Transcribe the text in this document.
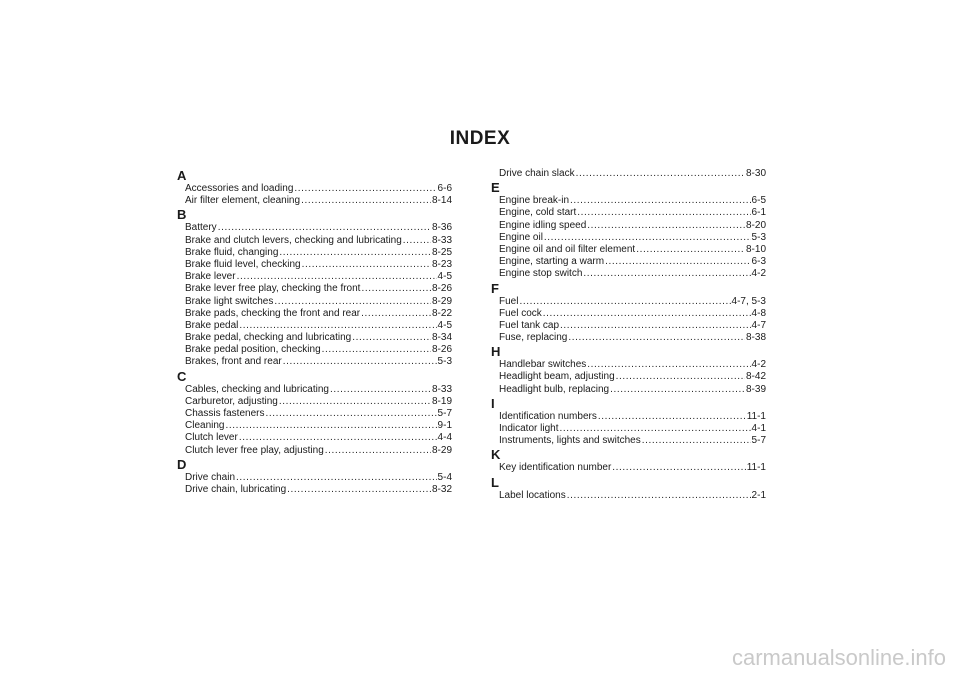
INDEX
A
Accessories and loading .....	6-6
Air filter element, cleaning .....	8-14
B
Battery .....	8-36
Brake and clutch levers, checking and lubricating .....	8-33
Brake fluid, changing .....	8-25
Brake fluid level, checking .....	8-23
Brake lever .....	4-5
Brake lever free play, checking the front .....	8-26
Brake light switches .....	8-29
Brake pads, checking the front and rear .....	8-22
Brake pedal .....	4-5
Brake pedal, checking and lubricating .....	8-34
Brake pedal position, checking .....	8-26
Brakes, front and rear .....	5-3
C
Cables, checking and lubricating .....	8-33
Carburetor, adjusting .....	8-19
Chassis fasteners .....	5-7
Cleaning .....	9-1
Clutch lever .....	4-4
Clutch lever free play, adjusting .....	8-29
D
Drive chain .....	5-4
Drive chain, lubricating .....	8-32
Drive chain slack .....	8-30
E
Engine break-in .....	6-5
Engine, cold start .....	6-1
Engine idling speed .....	8-20
Engine oil .....	5-3
Engine oil and oil filter element .....	8-10
Engine, starting a warm .....	6-3
Engine stop switch .....	4-2
F
Fuel .....	4-7, 5-3
Fuel cock .....	4-8
Fuel tank cap .....	4-7
Fuse, replacing .....	8-38
H
Handlebar switches .....	4-2
Headlight beam, adjusting .....	8-42
Headlight bulb, replacing .....	8-39
I
Identification numbers .....	11-1
Indicator light .....	4-1
Instruments, lights and switches .....	5-7
K
Key identification number .....	11-1
L
Label locations .....	2-1
carmanualsonline.info
